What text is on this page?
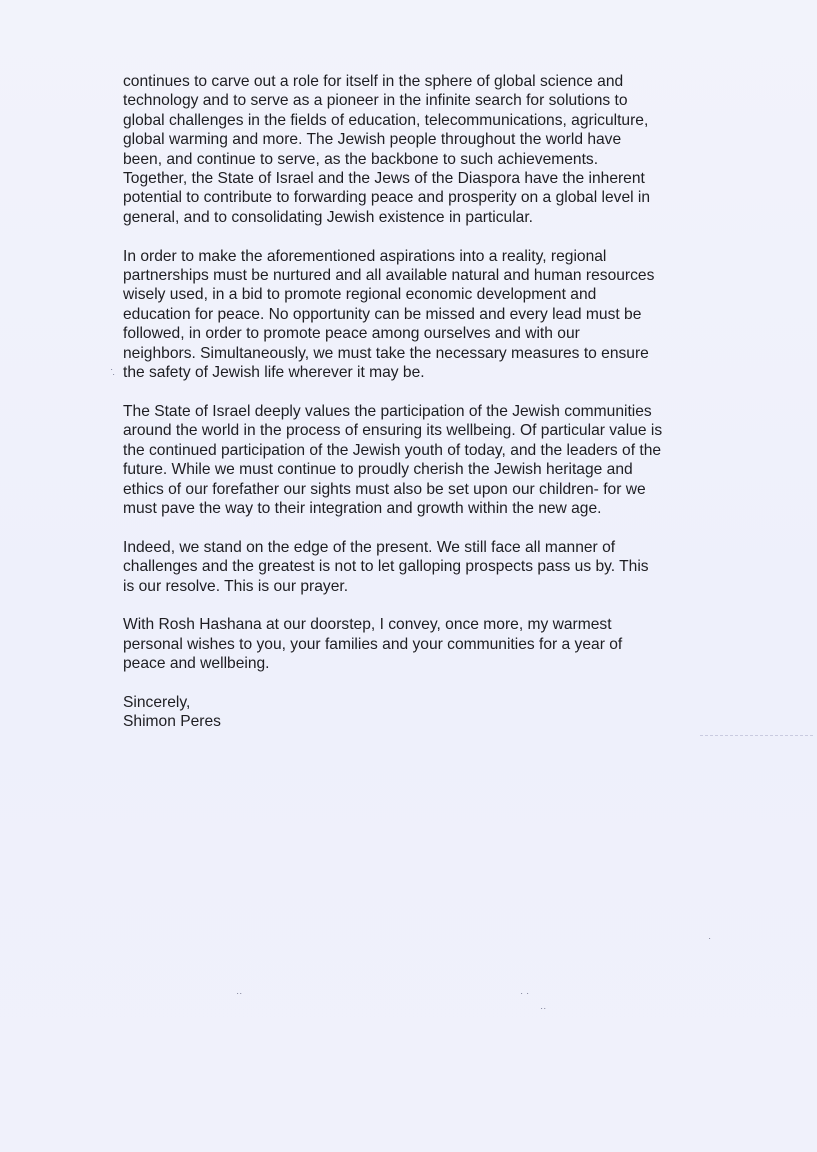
continues to carve out a role for itself in the sphere of global science and
technology and to serve as a pioneer in the infinite search for solutions to
global challenges in the fields of education, telecommunications, agriculture,
global warming and more. The Jewish people throughout the world have
been, and continue to serve, as the backbone to such achievements.
Together, the State of Israel and the Jews of the Diaspora have the inherent
potential to contribute to forwarding peace and prosperity on a global level in
general, and to consolidating Jewish existence in particular.

In order to make the aforementioned aspirations into a reality, regional
partnerships must be nurtured and all available natural and human resources
wisely used, in a bid to promote regional economic development and
education for peace. No opportunity can be missed and every lead must be
followed, in order to promote peace among ourselves and with our
neighbors. Simultaneously, we must take the necessary measures to ensure
the safety of Jewish life wherever it may be.

The State of Israel deeply values the participation of the Jewish communities
around the world in the process of ensuring its wellbeing. Of particular value is
the continued participation of the Jewish youth of today, and the leaders of the
future. While we must continue to proudly cherish the Jewish heritage and
ethics of our forefather our sights must also be set upon our children- for we
must pave the way to their integration and growth within the new age.

Indeed, we stand on the edge of the present. We still face all manner of
challenges and the greatest is not to let galloping prospects pass us by. This
is our resolve. This is our prayer.

With Rosh Hashana at our doorstep, I convey, once more, my warmest
personal wishes to you, your families and your communities for a year of
peace and wellbeing.

Sincerely,
Shimon Peres

⋅
⋅
⋅⋅	⋅ ⋅
⋅⋅
⋅
